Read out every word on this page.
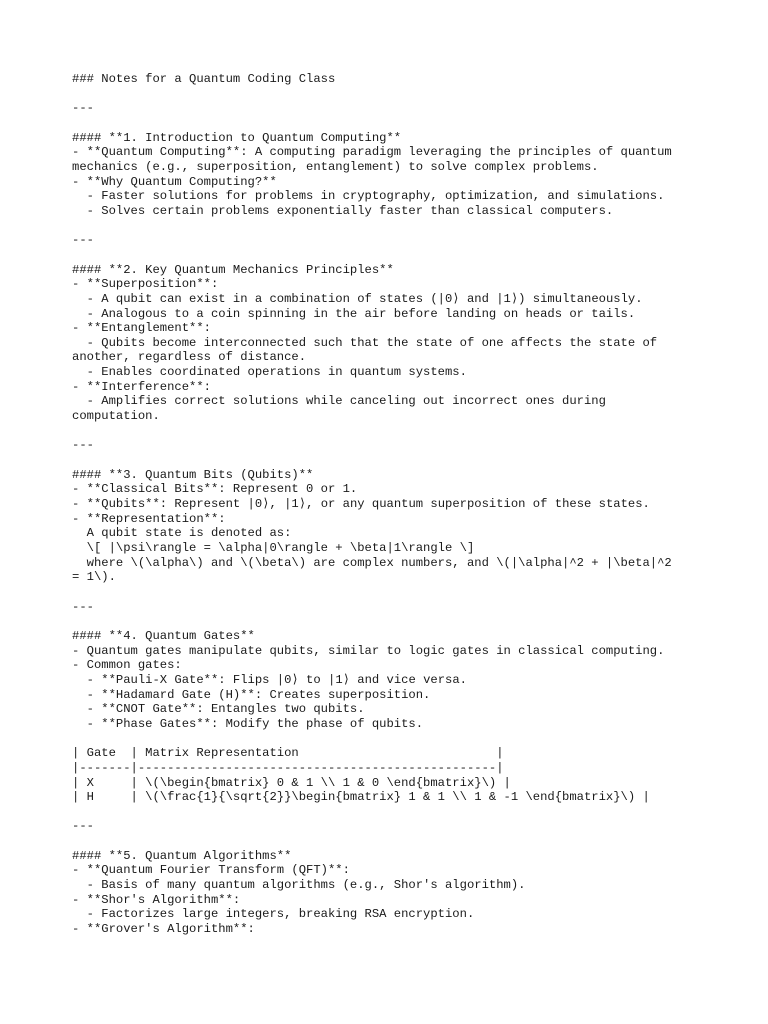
### Notes for a Quantum Coding Class
---
#### **1. Introduction to Quantum Computing**
- **Quantum Computing**: A computing paradigm leveraging the principles of quantum
mechanics (e.g., superposition, entanglement) to solve complex problems.
- **Why Quantum Computing?**
- Faster solutions for problems in cryptography, optimization, and simulations.
- Solves certain problems exponentially faster than classical computers.
---
#### **2. Key Quantum Mechanics Principles**
- **Superposition**:
- A qubit can exist in a combination of states (|0⟩ and |1⟩) simultaneously.
- Analogous to a coin spinning in the air before landing on heads or tails.
- **Entanglement**:
- Qubits become interconnected such that the state of one affects the state of
another, regardless of distance.
- Enables coordinated operations in quantum systems.
- **Interference**:
- Amplifies correct solutions while canceling out incorrect ones during
computation.
---
#### **3. Quantum Bits (Qubits)**
- **Classical Bits**: Represent 0 or 1.
- **Qubits**: Represent |0⟩, |1⟩, or any quantum superposition of these states.
- **Representation**:
A qubit state is denoted as:
\[ |\psi\rangle = \alpha|0\rangle + \beta|1\rangle \]
where \(\alpha\) and \(\beta\) are complex numbers, and \(|\alpha|^2 + |\beta|^2
= 1\).
---
#### **4. Quantum Gates**
- Quantum gates manipulate qubits, similar to logic gates in classical computing.
- Common gates:
- **Pauli-X Gate**: Flips |0⟩ to |1⟩ and vice versa.
- **Hadamard Gate (H)**: Creates superposition.
- **CNOT Gate**: Entangles two qubits.
- **Phase Gates**: Modify the phase of qubits.
| Gate  | Matrix Representation                           |
|-------|-------------------------------------------------|
| X     | \(\begin{bmatrix} 0 & 1 \\ 1 & 0 \end{bmatrix}\) |
| H     | \(\frac{1}{\sqrt{2}}\begin{bmatrix} 1 & 1 \\ 1 & -1 \end{bmatrix}\) |
---
#### **5. Quantum Algorithms**
- **Quantum Fourier Transform (QFT)**:
- Basis of many quantum algorithms (e.g., Shor's algorithm).
- **Shor's Algorithm**:
- Factorizes large integers, breaking RSA encryption.
- **Grover's Algorithm**:
